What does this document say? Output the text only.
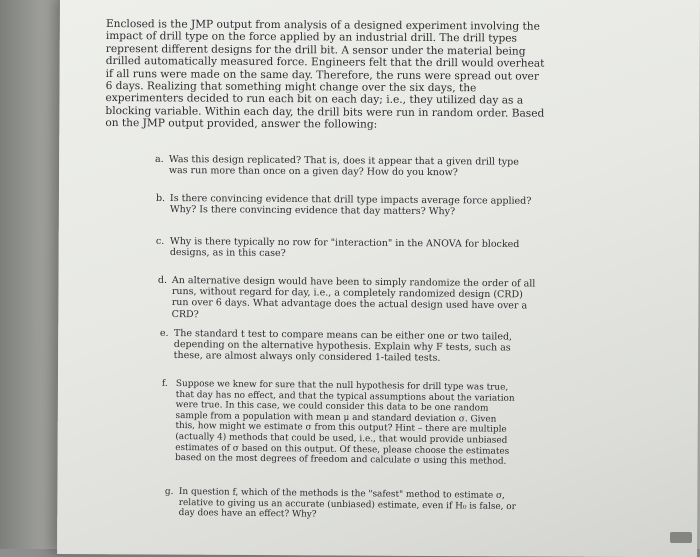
Enclosed is the JMP output from analysis of a designed experiment involving the impact of drill type on the force applied by an industrial drill. The drill types represent different designs for the drill bit. A sensor under the material being drilled automatically measured force. Engineers felt that the drill would overheat if all runs were made on the same day. Therefore, the runs were spread out over 6 days. Realizing that something might change over the six days, the experimenters decided to run each bit on each day; i.e., they utilized day as a blocking variable. Within each day, the drill bits were run in random order. Based on the JMP output provided, answer the following:
a. Was this design replicated? That is, does it appear that a given drill type was run more than once on a given day? How do you know?
b. Is there convincing evidence that drill type impacts average force applied? Why? Is there convincing evidence that day matters? Why?
c. Why is there typically no row for "interaction" in the ANOVA for blocked designs, as in this case?
d. An alternative design would have been to simply randomize the order of all runs, without regard for day, i.e., a completely randomized design (CRD) run over 6 days. What advantage does the actual design used have over a CRD?
e. The standard t test to compare means can be either one or two tailed, depending on the alternative hypothesis. Explain why F tests, such as these, are almost always only considered 1-tailed tests.
f. Suppose we knew for sure that the null hypothesis for drill type was true, that day has no effect, and that the typical assumptions about the variation were true. In this case, we could consider this data to be one random sample from a population with mean μ and standard deviation σ. Given this, how might we estimate σ from this output? Hint – there are multiple (actually 4) methods that could be used, i.e., that would provide unbiased estimates of σ based on this output. Of these, please choose the estimates based on the most degrees of freedom and calculate σ using this method.
g. In question f, which of the methods is the "safest" method to estimate σ, relative to giving us an accurate (unbiased) estimate, even if H₀ is false, or day does have an effect? Why?
